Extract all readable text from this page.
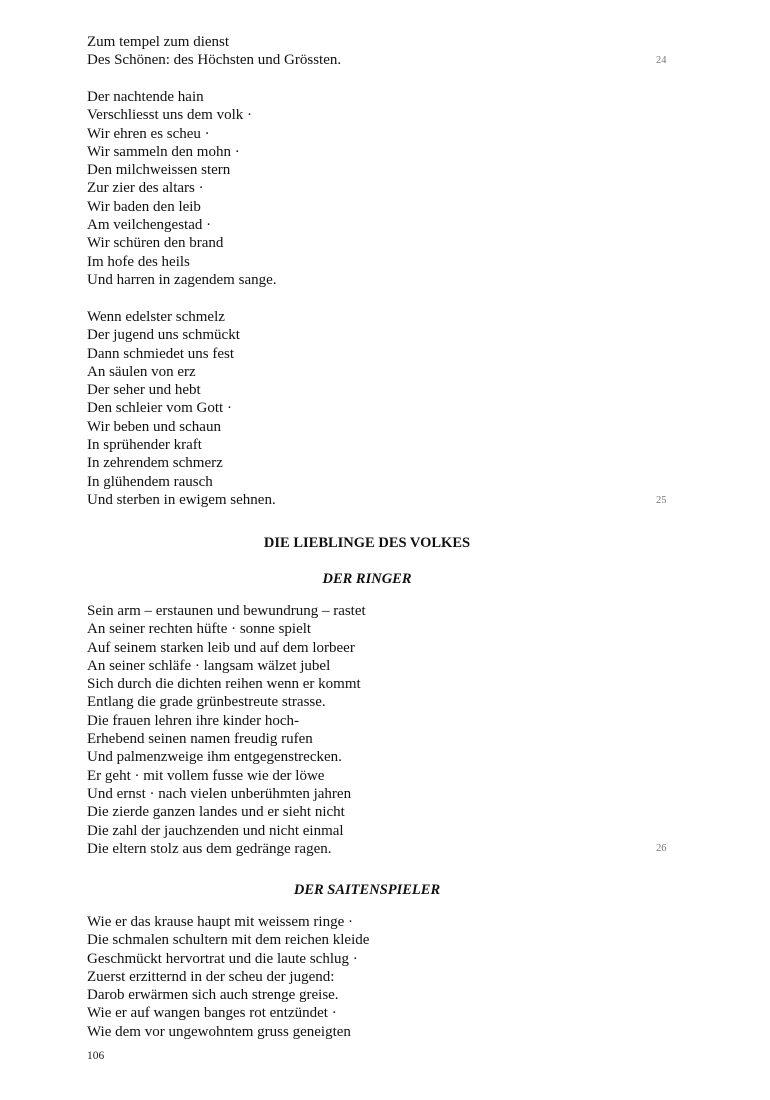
Zum tempel zum dienst
Des Schönen: des Höchsten und Grössten.	24
Der nachtende hain
Verschliesst uns dem volk ·
Wir ehren es scheu ·
Wir sammeln den mohn ·
Den milchweissen stern
Zur zier des altars ·
Wir baden den leib
Am veilchengestad ·
Wir schüren den brand
Im hofe des heils
Und harren in zagendem sange.
Wenn edelster schmelz
Der jugend uns schmückt
Dann schmiedet uns fest
An säulen von erz
Der seher und hebt
Den schleier vom Gott ·
Wir beben und schaun
In sprühender kraft
In zehrendem schmerz
In glühendem rausch
Und sterben in ewigem sehnen.	25
DIE LIEBLINGE DES VOLKES
DER RINGER
Sein arm – erstaunen und bewundrung – rastet
An seiner rechten hüfte · sonne spielt
Auf seinem starken leib und auf dem lorbeer
An seiner schläfe · langsam wälzet jubel
Sich durch die dichten reihen wenn er kommt
Entlang die grade grünbestreute strasse.
Die frauen lehren ihre kinder hoch-
Erhebend seinen namen freudig rufen
Und palmenzweige ihm entgegenstrecken.
Er geht · mit vollem fusse wie der löwe
Und ernst · nach vielen unberühmten jahren
Die zierde ganzen landes und er sieht nicht
Die zahl der jauchzenden und nicht einmal
Die eltern stolz aus dem gedränge ragen.	26
DER SAITENSPIELER
Wie er das krause haupt mit weissem ringe ·
Die schmalen schultern mit dem reichen kleide
Geschmückt hervortrat und die laute schlug ·
Zuerst erzitternd in der scheu der jugend:
Darob erwärmen sich auch strenge greise.
Wie er auf wangen banges rot entzündet ·
Wie dem vor ungewohntem gruss geneigten
106
